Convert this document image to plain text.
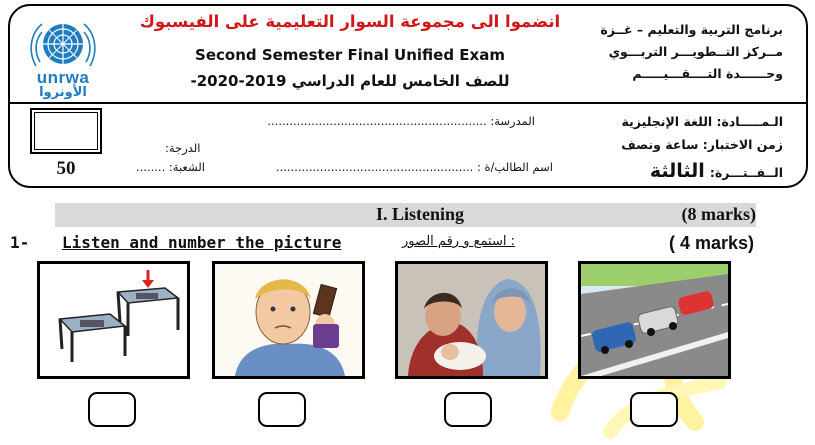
unrwa
الأونروا
برنامج التربية والتعليم – غــزة
مــركز التــطويـــر التربـــوي
وحــــــدة التــــقـــيـــــم
انضموا الى مجموعة السوار التعليمية على الفيسبوك
Second Semester Final Unified Exam
للصف الخامس للعام الدراسي 2019-2020-
الـمـــــادة: اللغة الإنجليزية
زمن الاختبار: ساعة ونصف
الــفــتـــرة: الثالثة
المدرسة: ............................................................
اسم الطالب/ة : ......................................................
الدرجة:
الشعبة: ........
50
I. Listening	(8 marks)
1- Listen and number the picture	: استمع و رقم الصور	( 4 marks)
